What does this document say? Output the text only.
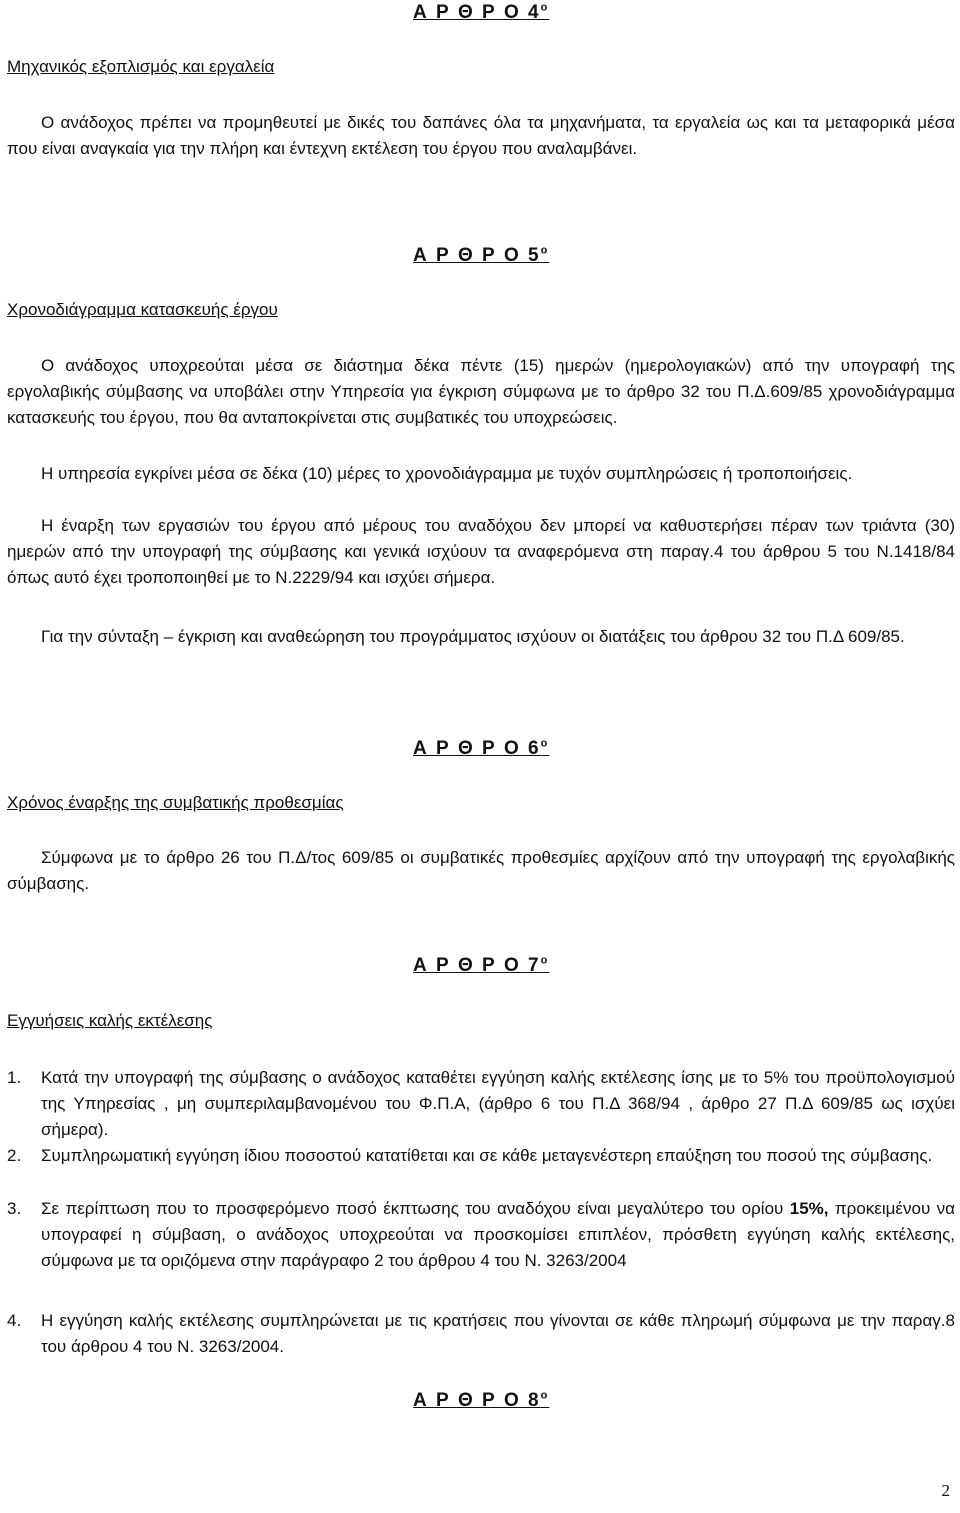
Α Ρ Θ Ρ Ο $4^o$
Μηχανικός εξοπλισμός και εργαλεία
Ο ανάδοχος πρέπει να προμηθευτεί με δικές του δαπάνες όλα τα μηχανήματα, τα εργαλεία ως και τα μεταφορικά μέσα που είναι αναγκαία για την πλήρη και έντεχνη εκτέλεση του έργου που αναλαμβάνει.
Α Ρ Θ Ρ Ο $5^o$
Χρονοδιάγραμμα κατασκευής έργου
Ο ανάδοχος υποχρεούται μέσα σε διάστημα δέκα πέντε (15) ημερών (ημερολογιακών) από την υπογραφή της εργολαβικής σύμβασης να υποβάλει στην Υπηρεσία για έγκριση σύμφωνα με το άρθρο 32 του Π.Δ.609/85 χρονοδιάγραμμα κατασκευής του έργου, που θα ανταποκρίνεται στις συμβατικές του υποχρεώσεις.
Η υπηρεσία εγκρίνει μέσα σε δέκα (10) μέρες το χρονοδιάγραμμα με τυχόν συμπληρώσεις ή τροποποιήσεις.
Η έναρξη των εργασιών του έργου από μέρους του αναδόχου δεν μπορεί να καθυστερήσει πέραν των τριάντα (30) ημερών από την υπογραφή της σύμβασης και γενικά ισχύουν τα αναφερόμενα στη παραγ.4 του άρθρου 5 του Ν.1418/84 όπως αυτό έχει τροποποιηθεί με το Ν.2229/94 και ισχύει σήμερα.
Για την σύνταξη – έγκριση και αναθεώρηση του προγράμματος ισχύουν οι διατάξεις του άρθρου 32 του Π.Δ 609/85.
Α Ρ Θ Ρ Ο $6^o$
Χρόνος έναρξης της συμβατικής προθεσμίας
Σύμφωνα με το άρθρο 26 του Π.Δ/τος 609/85 οι συμβατικές προθεσμίες αρχίζουν από την υπογραφή της εργολαβικής σύμβασης.
Α Ρ Θ Ρ Ο $7^o$
Εγγυήσεις καλής εκτέλεσης
1. Κατά την υπογραφή της σύμβασης ο ανάδοχος καταθέτει εγγύηση καλής εκτέλεσης ίσης με το 5% του προϋπολογισμού της Υπηρεσίας , μη συμπεριλαμβανομένου του Φ.Π.Α, (άρθρο 6 του Π.Δ 368/94 , άρθρο 27 Π.Δ 609/85 ως ισχύει σήμερα).
2. Συμπληρωματική εγγύηση ίδιου ποσοστού κατατίθεται και σε κάθε μεταγενέστερη επαύξηση του ποσού της σύμβασης.
3. Σε περίπτωση που το προσφερόμενο ποσό έκπτωσης του αναδόχου είναι μεγαλύτερο του ορίου 15%, προκειμένου να υπογραφεί η σύμβαση, ο ανάδοχος υποχρεούται να προσκομίσει επιπλέον, πρόσθετη εγγύηση καλής εκτέλεσης, σύμφωνα με τα οριζόμενα στην παράγραφο 2 του άρθρου 4 του Ν. 3263/2004
4. Η εγγύηση καλής εκτέλεσης συμπληρώνεται με τις κρατήσεις που γίνονται σε κάθε πληρωμή σύμφωνα με την παραγ.8 του άρθρου 4 του Ν. 3263/2004.
Α Ρ Θ Ρ Ο $8^o$
2
